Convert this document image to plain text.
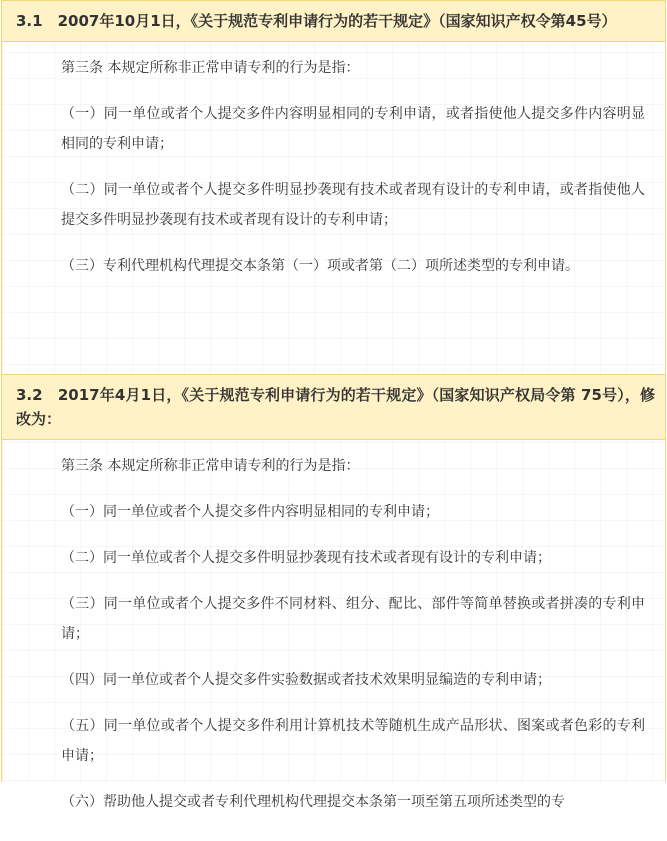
3.1　2007年10月1日，《关于规范专利申请行为的若干规定》（国家知识产权令第45号）

第三条 本规定所称非正常申请专利的行为是指：

（一）同一单位或者个人提交多件内容明显相同的专利申请，或者指使他人提交多件内容明显相同的专利申请；

（二）同一单位或者个人提交多件明显抄袭现有技术或者现有设计的专利申请，或者指使他人提交多件明显抄袭现有技术或者现有设计的专利申请；

（三）专利代理机构代理提交本条第（一）项或者第（二）项所述类型的专利申请。

3.2　2017年4月1日，《关于规范专利申请行为的若干规定》（国家知识产权局令第 75号），修改为：

第三条 本规定所称非正常申请专利的行为是指：

（一）同一单位或者个人提交多件内容明显相同的专利申请；

（二）同一单位或者个人提交多件明显抄袭现有技术或者现有设计的专利申请；

（三）同一单位或者个人提交多件不同材料、组分、配比、部件等简单替换或者拼凑的专利申请；

（四）同一单位或者个人提交多件实验数据或者技术效果明显编造的专利申请；

（五）同一单位或者个人提交多件利用计算机技术等随机生成产品形状、图案或者色彩的专利申请；

（六）帮助他人提交或者专利代理机构代理提交本条第一项至第五项所述类型的专
